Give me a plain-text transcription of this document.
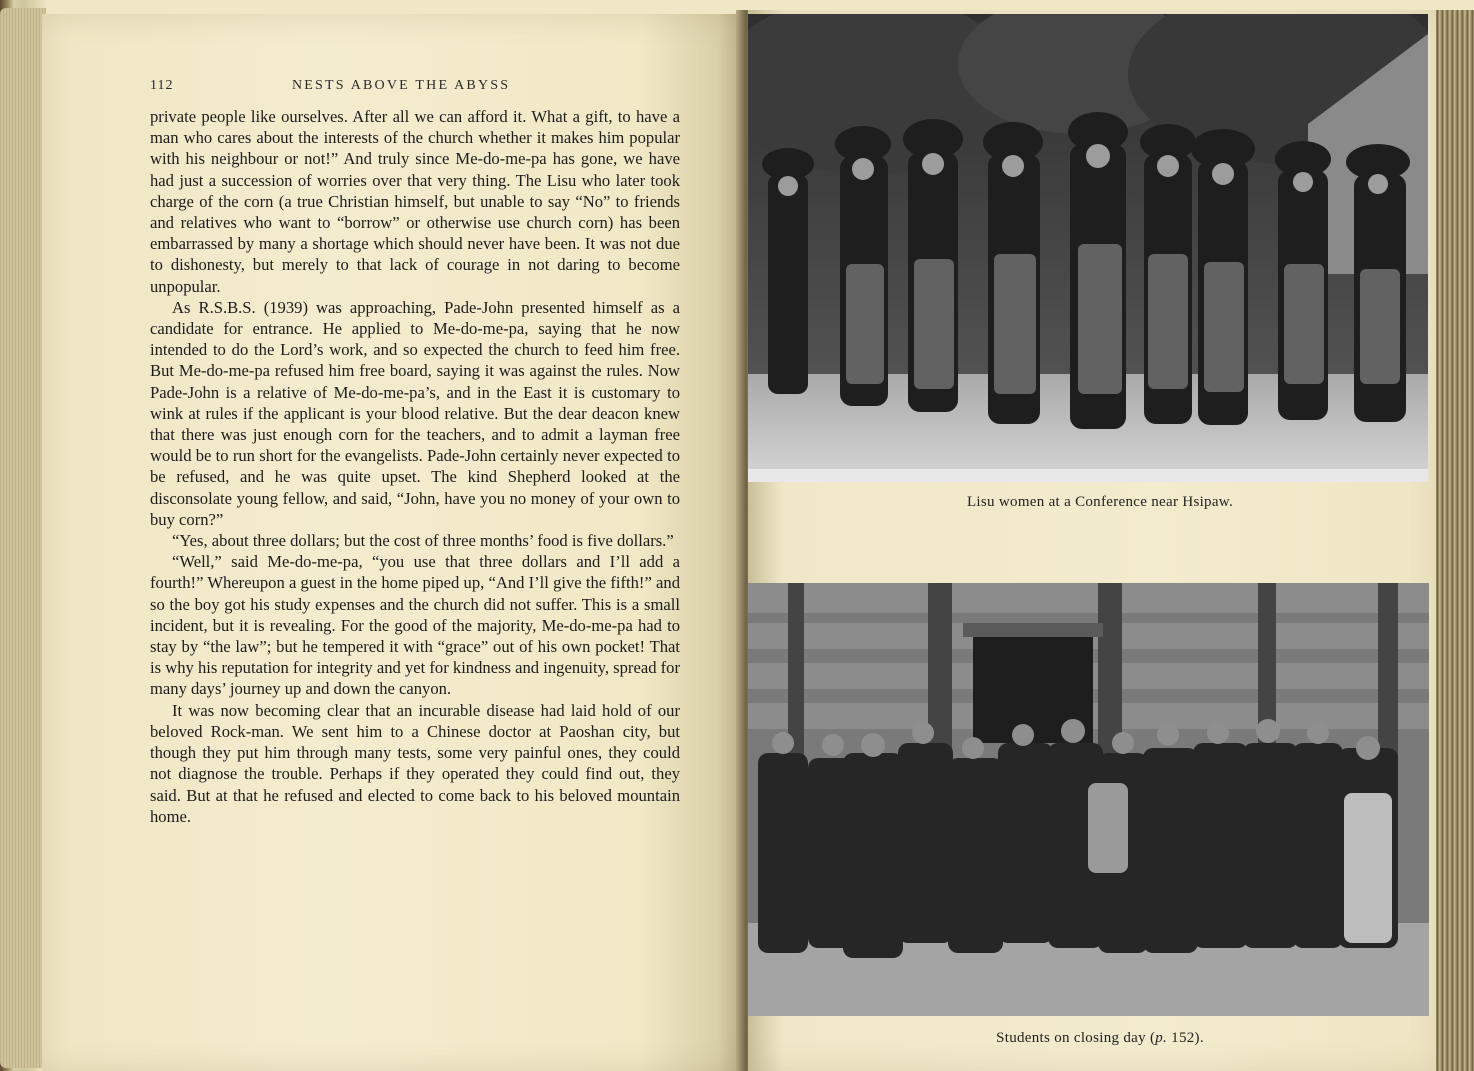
112	NESTS ABOVE THE ABYSS

private people like ourselves. After all we can afford it. What a gift, to have a man who cares about the interests of the church whether it makes him popular with his neighbour or not!” And truly since Me-do-me-pa has gone, we have had just a succession of worries over that very thing. The Lisu who later took charge of the corn (a true Christian himself, but unable to say “No” to friends and relatives who want to “borrow” or otherwise use church corn) has been embarrassed by many a shortage which should never have been. It was not due to dishonesty, but merely to that lack of courage in not daring to become unpopular.

As R.S.B.S. (1939) was approaching, Pade-John presented himself as a candidate for entrance. He applied to Me-do-me-pa, saying that he now intended to do the Lord’s work, and so expected the church to feed him free. But Me-do-me-pa refused him free board, saying it was against the rules. Now Pade-John is a relative of Me-do-me-pa’s, and in the East it is customary to wink at rules if the applicant is your blood relative. But the dear deacon knew that there was just enough corn for the teachers, and to admit a layman free would be to run short for the evangelists. Pade-John certainly never expected to be refused, and he was quite upset. The kind Shepherd looked at the disconsolate young fellow, and said, “John, have you no money of your own to buy corn?”

“Yes, about three dollars; but the cost of three months’ food is five dollars.”

“Well,” said Me-do-me-pa, “you use that three dollars and I’ll add a fourth!” Whereupon a guest in the home piped up, “And I’ll give the fifth!” and so the boy got his study expenses and the church did not suffer. This is a small incident, but it is revealing. For the good of the majority, Me-do-me-pa had to stay by “the law”; but he tempered it with “grace” out of his own pocket! That is why his reputation for integrity and yet for kindness and ingenuity, spread for many days’ journey up and down the canyon.

It was now becoming clear that an incurable disease had laid hold of our beloved Rock-man. We sent him to a Chinese doctor at Paoshan city, but though they put him through many tests, some very painful ones, they could not diagnose the trouble. Perhaps if they operated they could find out, they said. But at that he refused and elected to come back to his beloved mountain home.

Lisu women at a Conference near Hsipaw.
Students on closing day (p. 152).
